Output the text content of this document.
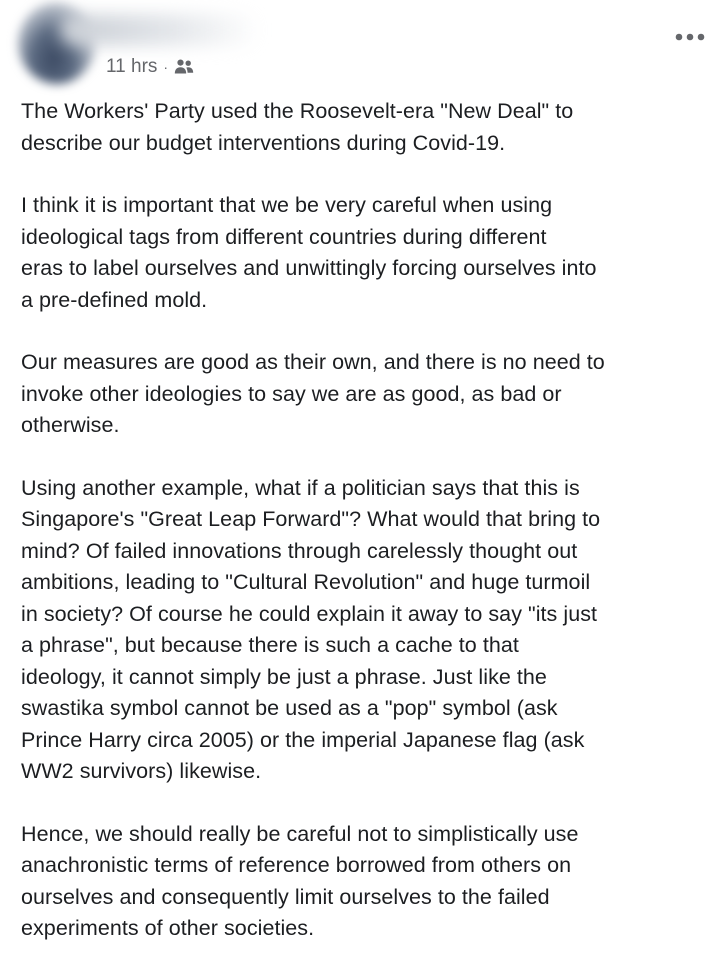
11 hrs ·

The Workers' Party used the Roosevelt-era "New Deal" to
describe our budget interventions during Covid-19.

I think it is important that we be very careful when using
ideological tags from different countries during different
eras to label ourselves and unwittingly forcing ourselves into
a pre-defined mold.

Our measures are good as their own, and there is no need to
invoke other ideologies to say we are as good, as bad or
otherwise.

Using another example, what if a politician says that this is
Singapore's "Great Leap Forward"? What would that bring to
mind? Of failed innovations through carelessly thought out
ambitions, leading to "Cultural Revolution" and huge turmoil
in society? Of course he could explain it away to say "its just
a phrase", but because there is such a cache to that
ideology, it cannot simply be just a phrase. Just like the
swastika symbol cannot be used as a "pop" symbol (ask
Prince Harry circa 2005) or the imperial Japanese flag (ask
WW2 survivors) likewise.

Hence, we should really be careful not to simplistically use
anachronistic terms of reference borrowed from others on
ourselves and consequently limit ourselves to the failed
experiments of other societies.
